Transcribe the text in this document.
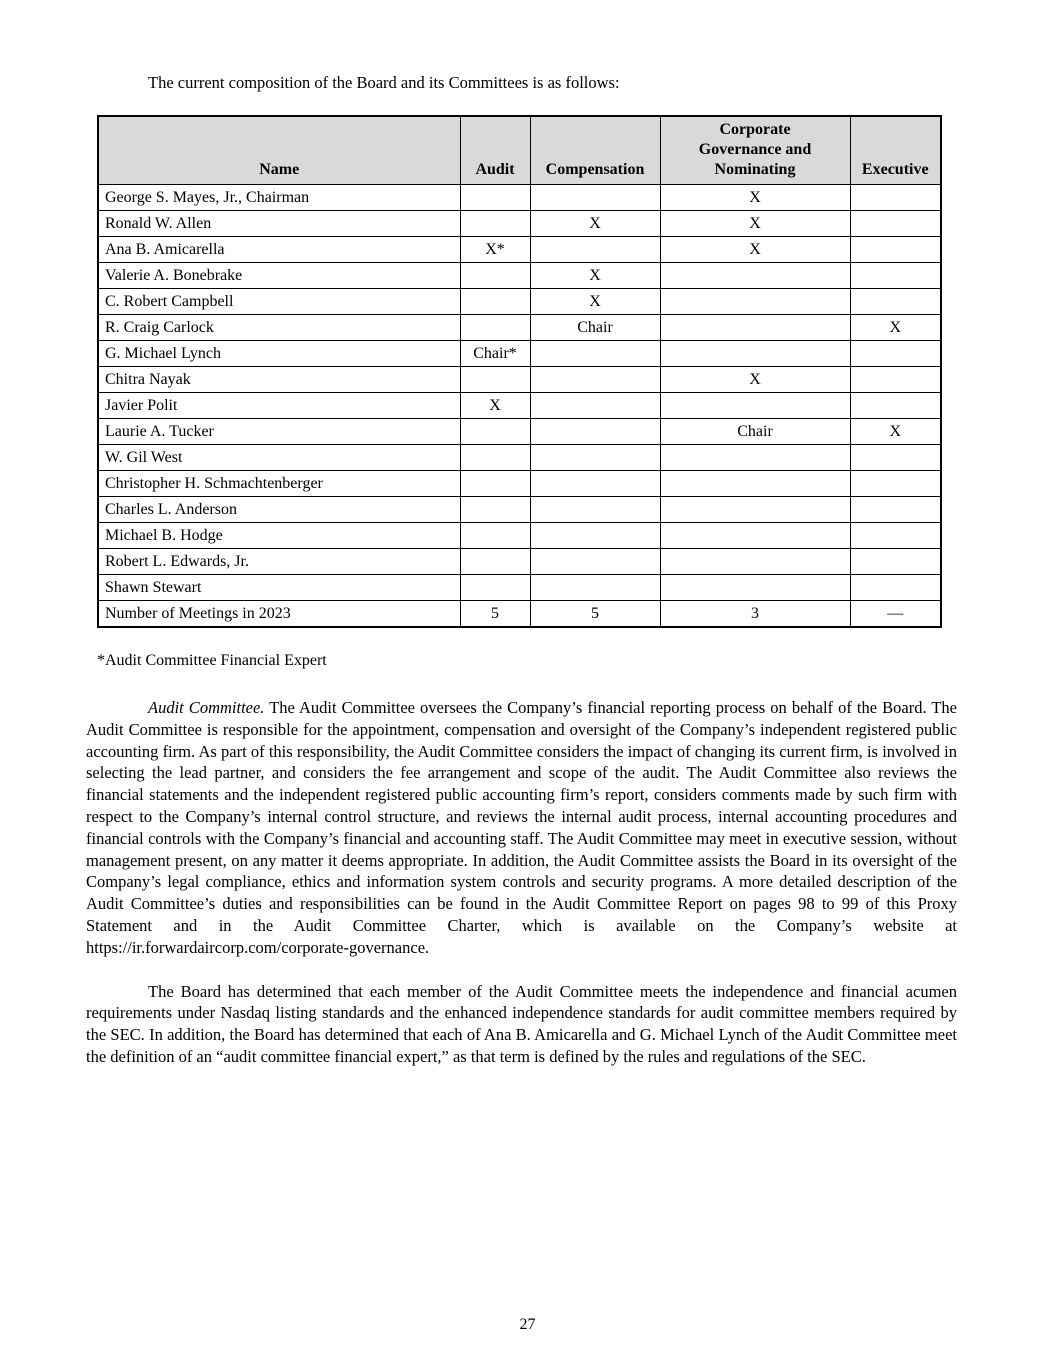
The current composition of the Board and its Committees is as follows:

Name	Audit	Compensation	Corporate Governance and Nominating	Executive
George S. Mayes, Jr., Chairman			X	
Ronald W. Allen		X	X	
Ana B. Amicarella	X*		X	
Valerie A. Bonebrake		X		
C. Robert Campbell		X		
R. Craig Carlock		Chair		X
G. Michael Lynch	Chair*			
Chitra Nayak			X	
Javier Polit	X			
Laurie A. Tucker			Chair	X
W. Gil West				
Christopher H. Schmachtenberger				
Charles L. Anderson				
Michael B. Hodge				
Robert L. Edwards, Jr.				
Shawn Stewart				
Number of Meetings in 2023	5	5	3	—

*Audit Committee Financial Expert

Audit Committee. The Audit Committee oversees the Company’s financial reporting process on behalf of the Board. The Audit Committee is responsible for the appointment, compensation and oversight of the Company’s independent registered public accounting firm. As part of this responsibility, the Audit Committee considers the impact of changing its current firm, is involved in selecting the lead partner, and considers the fee arrangement and scope of the audit. The Audit Committee also reviews the financial statements and the independent registered public accounting firm’s report, considers comments made by such firm with respect to the Company’s internal control structure, and reviews the internal audit process, internal accounting procedures and financial controls with the Company’s financial and accounting staff. The Audit Committee may meet in executive session, without management present, on any matter it deems appropriate. In addition, the Audit Committee assists the Board in its oversight of the Company’s legal compliance, ethics and information system controls and security programs. A more detailed description of the Audit Committee’s duties and responsibilities can be found in the Audit Committee Report on pages 98 to 99 of this Proxy Statement and in the Audit Committee Charter, which is available on the Company’s website at https://ir.forwardaircorp.com/corporate-governance.

The Board has determined that each member of the Audit Committee meets the independence and financial acumen requirements under Nasdaq listing standards and the enhanced independence standards for audit committee members required by the SEC. In addition, the Board has determined that each of Ana B. Amicarella and G. Michael Lynch of the Audit Committee meet the definition of an “audit committee financial expert,” as that term is defined by the rules and regulations of the SEC.

27
